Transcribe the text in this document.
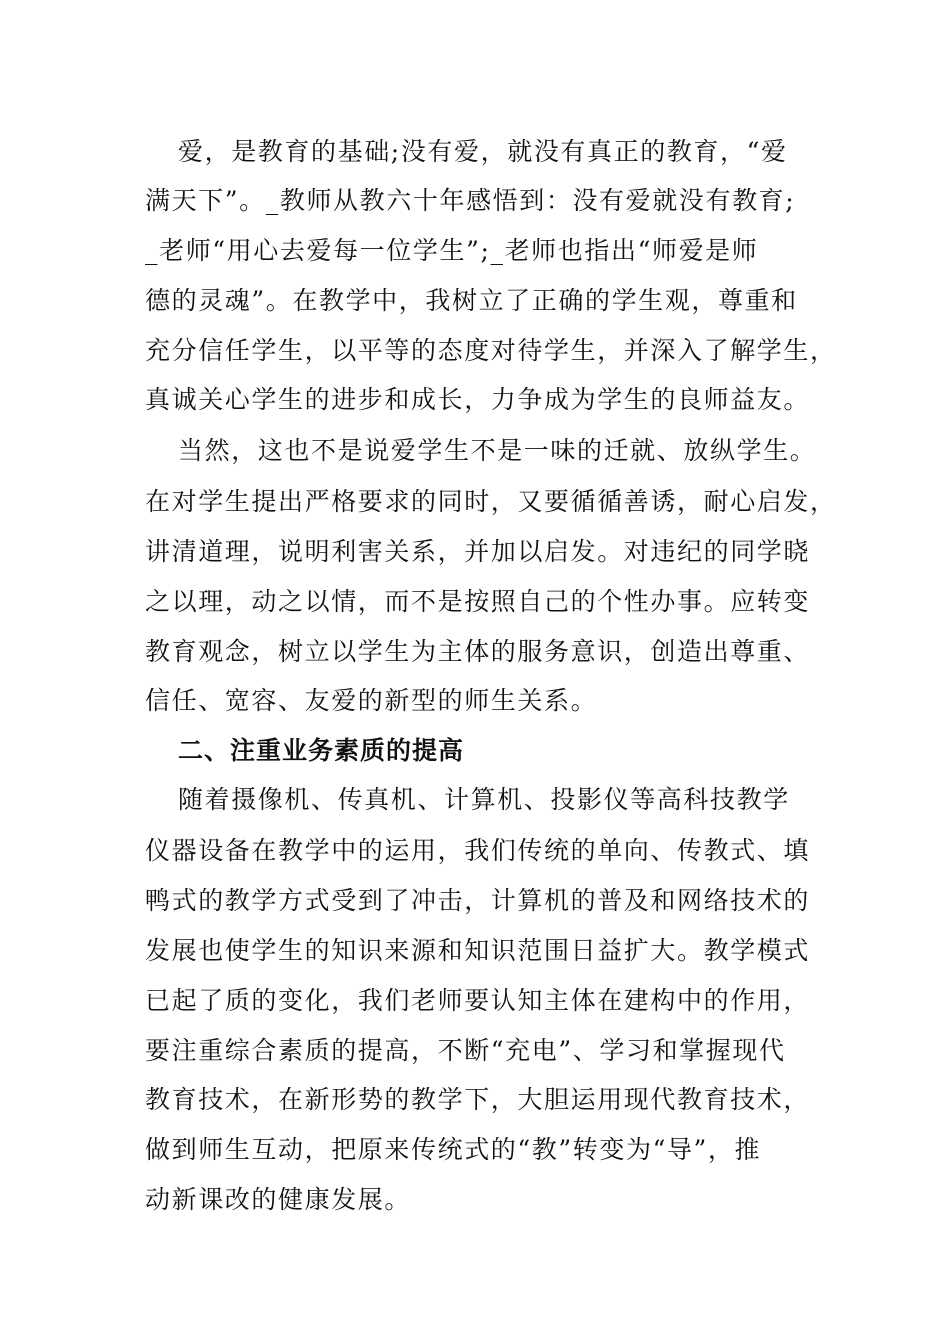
爱，是教育的基础;没有爱，就没有真正的教育，“爱
满天下”。_教师从教六十年感悟到：没有爱就没有教育;
_老师“用心去爱每一位学生”;_老师也指出“师爱是师
德的灵魂”。在教学中，我树立了正确的学生观，尊重和
充分信任学生，以平等的态度对待学生，并深入了解学生，
真诚关心学生的进步和成长，力争成为学生的良师益友。
当然，这也不是说爱学生不是一味的迁就、放纵学生。
在对学生提出严格要求的同时，又要循循善诱，耐心启发，
讲清道理，说明利害关系，并加以启发。对违纪的同学晓
之以理，动之以情，而不是按照自己的个性办事。应转变
教育观念，树立以学生为主体的服务意识，创造出尊重、
信任、宽容、友爱的新型的师生关系。
二、注重业务素质的提高
随着摄像机、传真机、计算机、投影仪等高科技教学
仪器设备在教学中的运用，我们传统的单向、传教式、填
鸭式的教学方式受到了冲击，计算机的普及和网络技术的
发展也使学生的知识来源和知识范围日益扩大。教学模式
已起了质的变化，我们老师要认知主体在建构中的作用，
要注重综合素质的提高，不断“充电”、学习和掌握现代
教育技术，在新形势的教学下，大胆运用现代教育技术，
做到师生互动，把原来传统式的“教”转变为“导”，推
动新课改的健康发展。
